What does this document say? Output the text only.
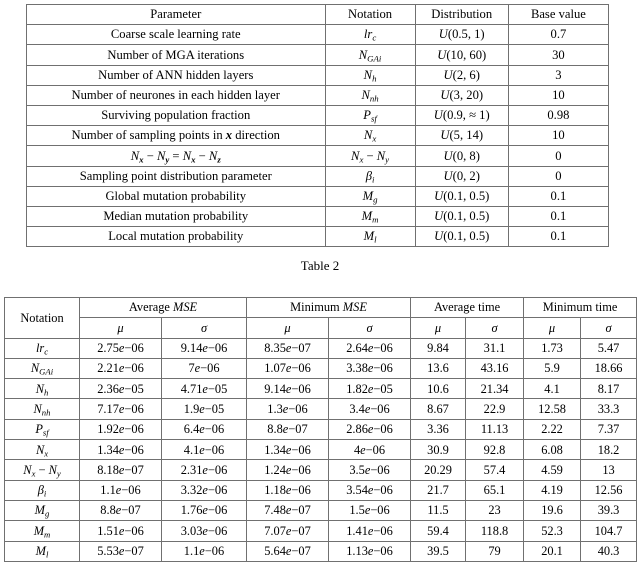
Parameter	Notation	Distribution	Base value
Coarse scale learning rate	$lr_c$	U(0.5, 1)	0.7
Number of MGA iterations	$N_{GAi}$	U(10, 60)	30
Number of ANN hidden layers	$N_h$	U(2, 6)	3
Number of neurones in each hidden layer	$N_{nh}$	U(3, 20)	10
Surviving population fraction	$P_{sf}$	U(0.9, ≈ 1)	0.98
Number of sampling points in x direction	$N_x$	U(5, 14)	10
$N_x - N_y = N_x - N_z$	$N_x - N_y$	U(0, 8)	0
Sampling point distribution parameter	$\beta_i$	U(0, 2)	0
Global mutation probability	$M_g$	U(0.1, 0.5)	0.1
Median mutation probability	$M_m$	U(0.1, 0.5)	0.1
Local mutation probability	$M_l$	U(0.1, 0.5)	0.1
Table 2
Notation	Average MSE		Minimum MSE		Average time		Minimum time	
	μ	σ	μ	σ	μ	σ	μ	σ
$lr_c$	2.75e−06	9.14e−06	8.35e−07	2.64e−06	9.84	31.1	1.73	5.47
$N_{GAi}$	2.21e−06	7e−06	1.07e−06	3.38e−06	13.6	43.16	5.9	18.66
$N_h$	2.36e−05	4.71e−05	9.14e−06	1.82e−05	10.6	21.34	4.1	8.17
$N_{nh}$	7.17e−06	1.9e−05	1.3e−06	3.4e−06	8.67	22.9	12.58	33.3
$P_{sf}$	1.92e−06	6.4e−06	8.8e−07	2.86e−06	3.36	11.13	2.22	7.37
$N_x$	1.34e−06	4.1e−06	1.34e−06	4e−06	30.9	92.8	6.08	18.2
$N_x - N_y$	8.18e−07	2.31e−06	1.24e−06	3.5e−06	20.29	57.4	4.59	13
$\beta_i$	1.1e−06	3.32e−06	1.18e−06	3.54e−06	21.7	65.1	4.19	12.56
$M_g$	8.8e−07	1.76e−06	7.48e−07	1.5e−06	11.5	23	19.6	39.3
$M_m$	1.51e−06	3.03e−06	7.07e−07	1.41e−06	59.4	118.8	52.3	104.7
$M_l$	5.53e−07	1.1e−06	5.64e−07	1.13e−06	39.5	79	20.1	40.3
